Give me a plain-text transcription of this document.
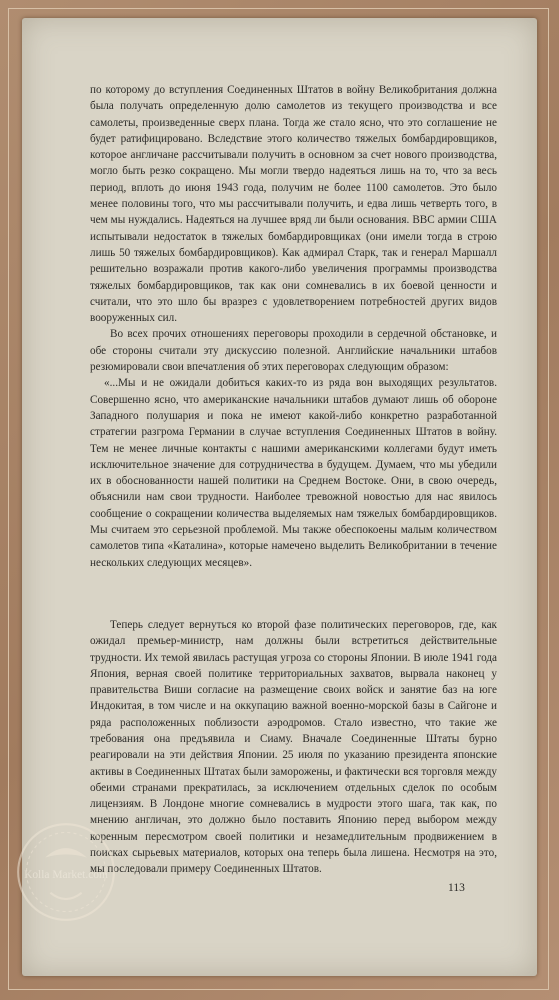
по которому до вступления Соединенных Штатов в войну Великобритания должна была получать определенную долю самолетов из текущего производства и все самолеты, произведенные сверх плана. Тогда же стало ясно, что это соглашение не будет ратифицировано. Вследствие этого количество тяжелых бомбардировщиков, которое англичане рассчитывали получить в основном за счет нового производства, могло быть резко сокращено. Мы могли твердо надеяться лишь на то, что за весь период, вплоть до июня 1943 года, получим не более 1100 самолетов. Это было менее половины того, что мы рассчитывали получить, и едва лишь четверть того, в чем мы нуждались. Надеяться на лучшее вряд ли были основания. ВВС армии США испытывали недостаток в тяжелых бомбардировщиках (они имели тогда в строю лишь 50 тяжелых бомбардировщиков). Как адмирал Старк, так и генерал Маршалл решительно возражали против какого-либо увеличения программы производства тяжелых бомбардировщиков, так как они сомневались в их боевой ценности и считали, что это шло бы вразрез с удовлетворением потребностей других видов вооруженных сил.

Во всех прочих отношениях переговоры проходили в сердечной обстановке, и обе стороны считали эту дискуссию полезной. Английские начальники штабов резюмировали свои впечатления об этих переговорах следующим образом:

«...Мы и не ожидали добиться каких-то из ряда вон выходящих результатов. Совершенно ясно, что американские начальники штабов думают лишь об обороне Западного полушария и пока не имеют какой-либо конкретно разработанной стратегии разгрома Германии в случае вступления Соединенных Штатов в войну. Тем не менее личные контакты с нашими американскими коллегами будут иметь исключительное значение для сотрудничества в будущем. Думаем, что мы убедили их в обоснованности нашей политики на Среднем Востоке. Они, в свою очередь, объяснили нам свои трудности. Наиболее тревожной новостью для нас явилось сообщение о сокращении количества выделяемых нам тяжелых бомбардировщиков. Мы считаем это серьезной проблемой. Мы также обеспокоены малым количеством самолетов типа «Каталина», которые намечено выделить Великобритании в течение нескольких следующих месяцев».

Теперь следует вернуться ко второй фазе политических переговоров, где, как ожидал премьер-министр, нам должны были встретиться действительные трудности. Их темой явилась растущая угроза со стороны Японии. В июле 1941 года Япония, верная своей политике территориальных захватов, вырвала наконец у правительства Виши согласие на размещение своих войск и занятие баз на юге Индокитая, в том числе и на оккупацию важной военно-морской базы в Сайгоне и ряда расположенных поблизости аэродромов. Стало известно, что такие же требования она предъявила и Сиаму. Вначале Соединенные Штаты бурно реагировали на эти действия Японии. 25 июля по указанию президента японские активы в Соединенных Штатах были заморожены, и фактически вся торговля между обеими странами прекратилась, за исключением отдельных сделок по особым лицензиям. В Лондоне многие сомневались в мудрости этого шага, так как, по мнению англичан, это должно было поставить Японию перед выбором между коренным пересмотром своей политики и незамедлительным продвижением в поисках сырьевых материалов, которых она теперь была лишена. Несмотря на это, мы последовали примеру Соединенных Штатов.

113
Kolla Market.com
